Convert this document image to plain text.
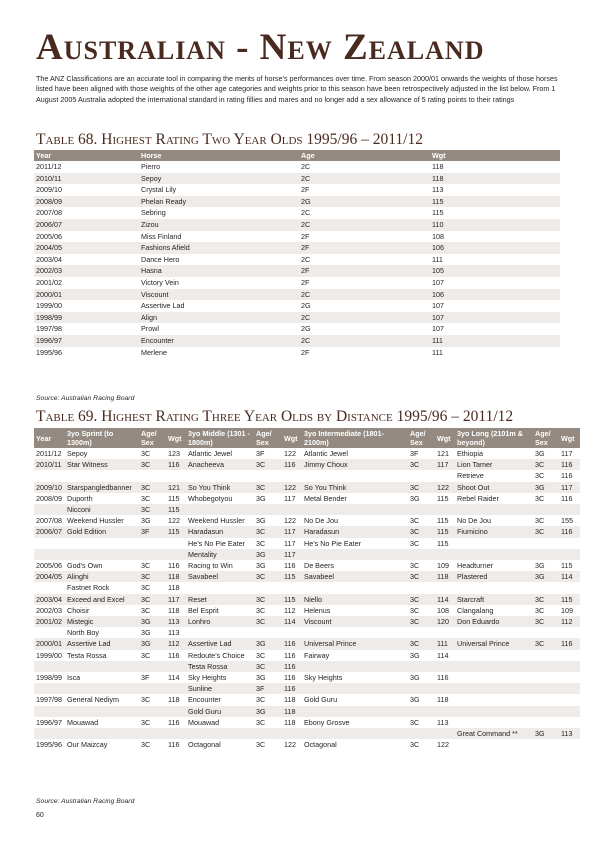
Australian - New Zealand

The ANZ Classifications are an accurate tool in comparing the merits of horse’s performances over time. From season 2000/01 onwards the weights of those horses listed have been aligned with those weights of the other age categories and weights prior to this season have been retrospectively adjusted in the list below. From 1 August 2005 Australia adopted the international standard in rating fillies and mares and no longer add a sex allowance of 5 rating points to their ratings

Table 68. Highest Rating Two Year Olds 1995/96 – 2011/12
Year	Horse	Age	Wgt
2011/12	Pierro	2C	118
2010/11	Sepoy	2C	118
2009/10	Crystal Lily	2F	113
2008/09	Phelan Ready	2G	115
2007/08	Sebring	2C	115
2006/07	Zizou	2C	110
2005/06	Miss Finland	2F	108
2004/05	Fashions Afield	2F	106
2003/04	Dance Hero	2C	111
2002/03	Hasna	2F	105
2001/02	Victory Vein	2F	107
2000/01	Viscount	2C	106
1999/00	Assertive Lad	2G	107
1998/99	Align	2C	107
1997/98	Prowl	2G	107
1996/97	Encounter	2C	111
1995/96	Merlene	2F	111

Source: Australian Racing Board

Table 69. Highest Rating Three Year Olds by Distance 1995/96 – 2011/12
Year	3yo Sprint (to 1300m)	Age/ Sex	Wgt	3yo Middle (1301 - 1800m)	Age/ Sex	Wgt	3yo Intermediate (1801-2100m)	Age/ Sex	Wgt	3yo Long (2101m & beyond)	Age/ Sex	Wgt
2011/12	Sepoy	3C	123	Atlantic Jewel	3F	122	Atlantic Jewel	3F	121	Ethiopia	3G	117
2010/11	Star Witness	3C	116	Anacheeva	3C	116	Jimmy Choux	3C	117	Lion Tamer	3C	116
										Retrieve	3C	116
2009/10	Starspangledbanner	3C	121	So You Think	3C	122	So You Think	3C	122	Shoot Out	3G	117
2008/09	Duporth	3C	115	Whobegotyou	3G	117	Metal Bender	3G	115	Rebel Raider	3C	116
	Nicconi	3C	115									
2007/08	Weekend Hussler	3G	122	Weekend Hussler	3G	122	No De Jou	3C	115	No De Jou	3C	155
2006/07	Gold Edition	3F	115	Haradasun	3C	117	Haradasun	3C	115	Fiumicino	3C	116
				He’s No Pie Eater	3C	117	He’s No Pie Eater	3C	115			
				Mentality	3G	117						
2005/06	God’s Own	3C	116	Racing to Win	3G	116	De Beers	3C	109	Headturner	3G	115
2004/05	Alinghi	3C	118	Savabeel	3C	115	Savabeel	3C	118	Plastered	3G	114
	Fastnet Rock	3C	118									
2003/04	Exceed and Excel	3C	117	Reset	3C	115	Niello	3C	114	Starcraft	3C	115
2002/03	Choisir	3C	118	Bel Esprit	3C	112	Helenus	3C	108	Clangalang	3C	109
2001/02	Mistegic	3G	113	Lonhro	3C	114	Viscount	3C	120	Don Eduardo	3C	112
	North Boy	3G	113									
2000/01	Assertive Lad	3G	112	Assertive Lad	3G	116	Universal Prince	3C	111	Universal Prince	3C	116
1999/00	Testa Rossa	3C	116	Redoute’s Choice	3C	116	Fairway	3G	114			
				Testa Rossa	3C	116						
1998/99	Isca	3F	114	Sky Heights	3G	116	Sky Heights	3G	116			
				Sunline	3F	116						
1997/98	General Nediym	3C	118	Encounter	3C	118	Gold Guru	3G	118			
				Gold Guru	3G	118						
1996/97	Mouawad	3C	116	Mouawad	3C	118	Ebony Grosve	3C	113			
										Great Command **	3G	113
1995/96	Our Maizcay	3C	116	Octagonal	3C	122	Octagonal	3C	122			

Source: Australian Racing Board

60
